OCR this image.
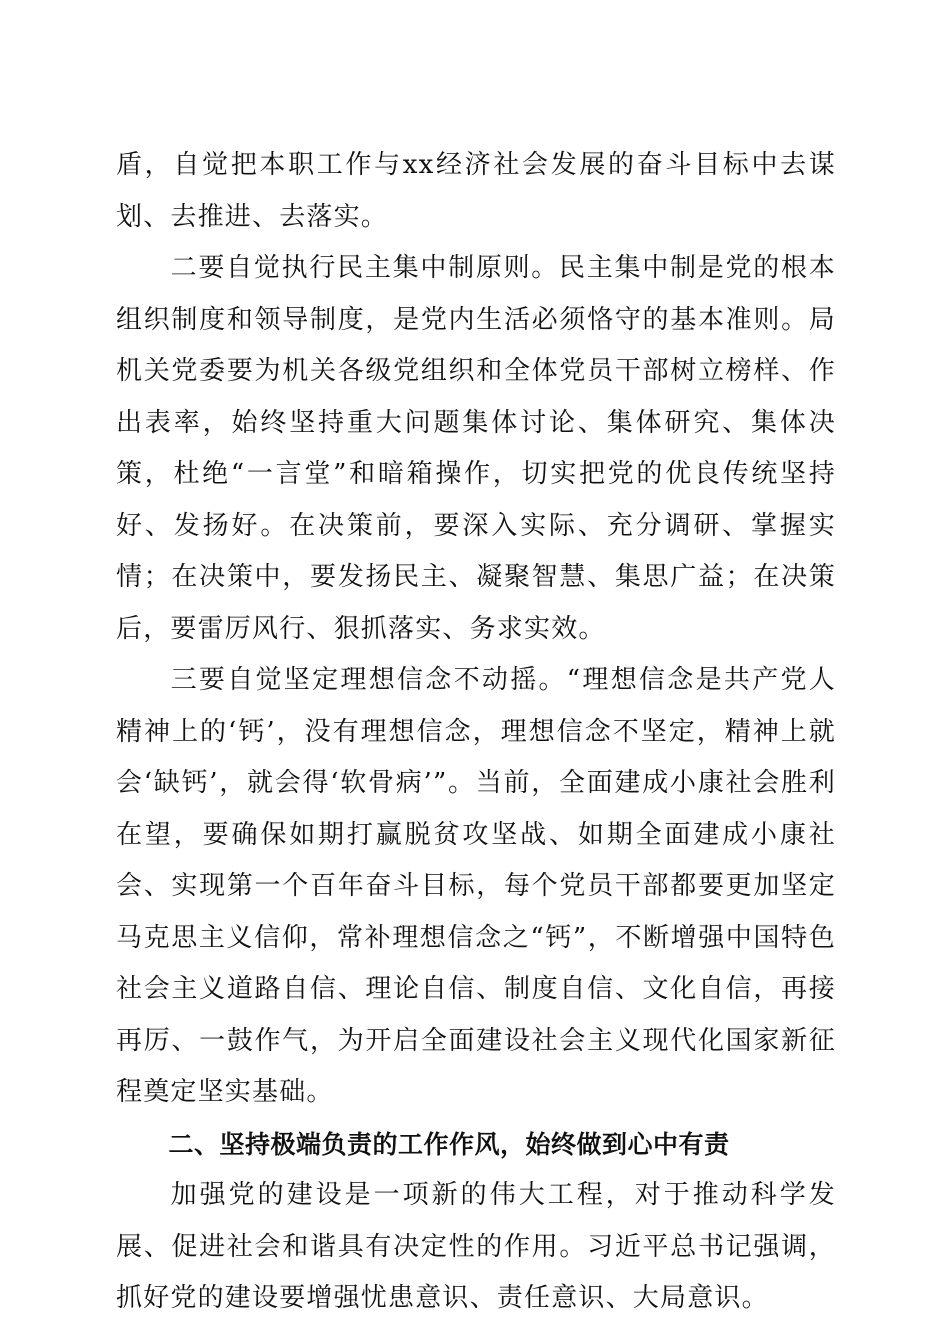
盾，自觉把本职工作与xx经济社会发展的奋斗目标中去谋划、去推进、去落实。

二要自觉执行民主集中制原则。民主集中制是党的根本组织制度和领导制度，是党内生活必须恪守的基本准则。局机关党委要为机关各级党组织和全体党员干部树立榜样、作出表率，始终坚持重大问题集体讨论、集体研究、集体决策，杜绝“一言堂”和暗箱操作，切实把党的优良传统坚持好、发扬好。在决策前，要深入实际、充分调研、掌握实情；在决策中，要发扬民主、凝聚智慧、集思广益；在决策后，要雷厉风行、狠抓落实、务求实效。

三要自觉坚定理想信念不动摇。“理想信念是共产党人精神上的‘钙’，没有理想信念，理想信念不坚定，精神上就会‘缺钙’，就会得‘软骨病’”。当前，全面建成小康社会胜利在望，要确保如期打赢脱贫攻坚战、如期全面建成小康社会、实现第一个百年奋斗目标，每个党员干部都要更加坚定马克思主义信仰，常补理想信念之“钙”，不断增强中国特色社会主义道路自信、理论自信、制度自信、文化自信，再接再厉、一鼓作气，为开启全面建设社会主义现代化国家新征程奠定坚实基础。

二、坚持极端负责的工作作风，始终做到心中有责

加强党的建设是一项新的伟大工程，对于推动科学发展、促进社会和谐具有决定性的作用。习近平总书记强调，抓好党的建设要增强忧患意识、责任意识、大局意识。
